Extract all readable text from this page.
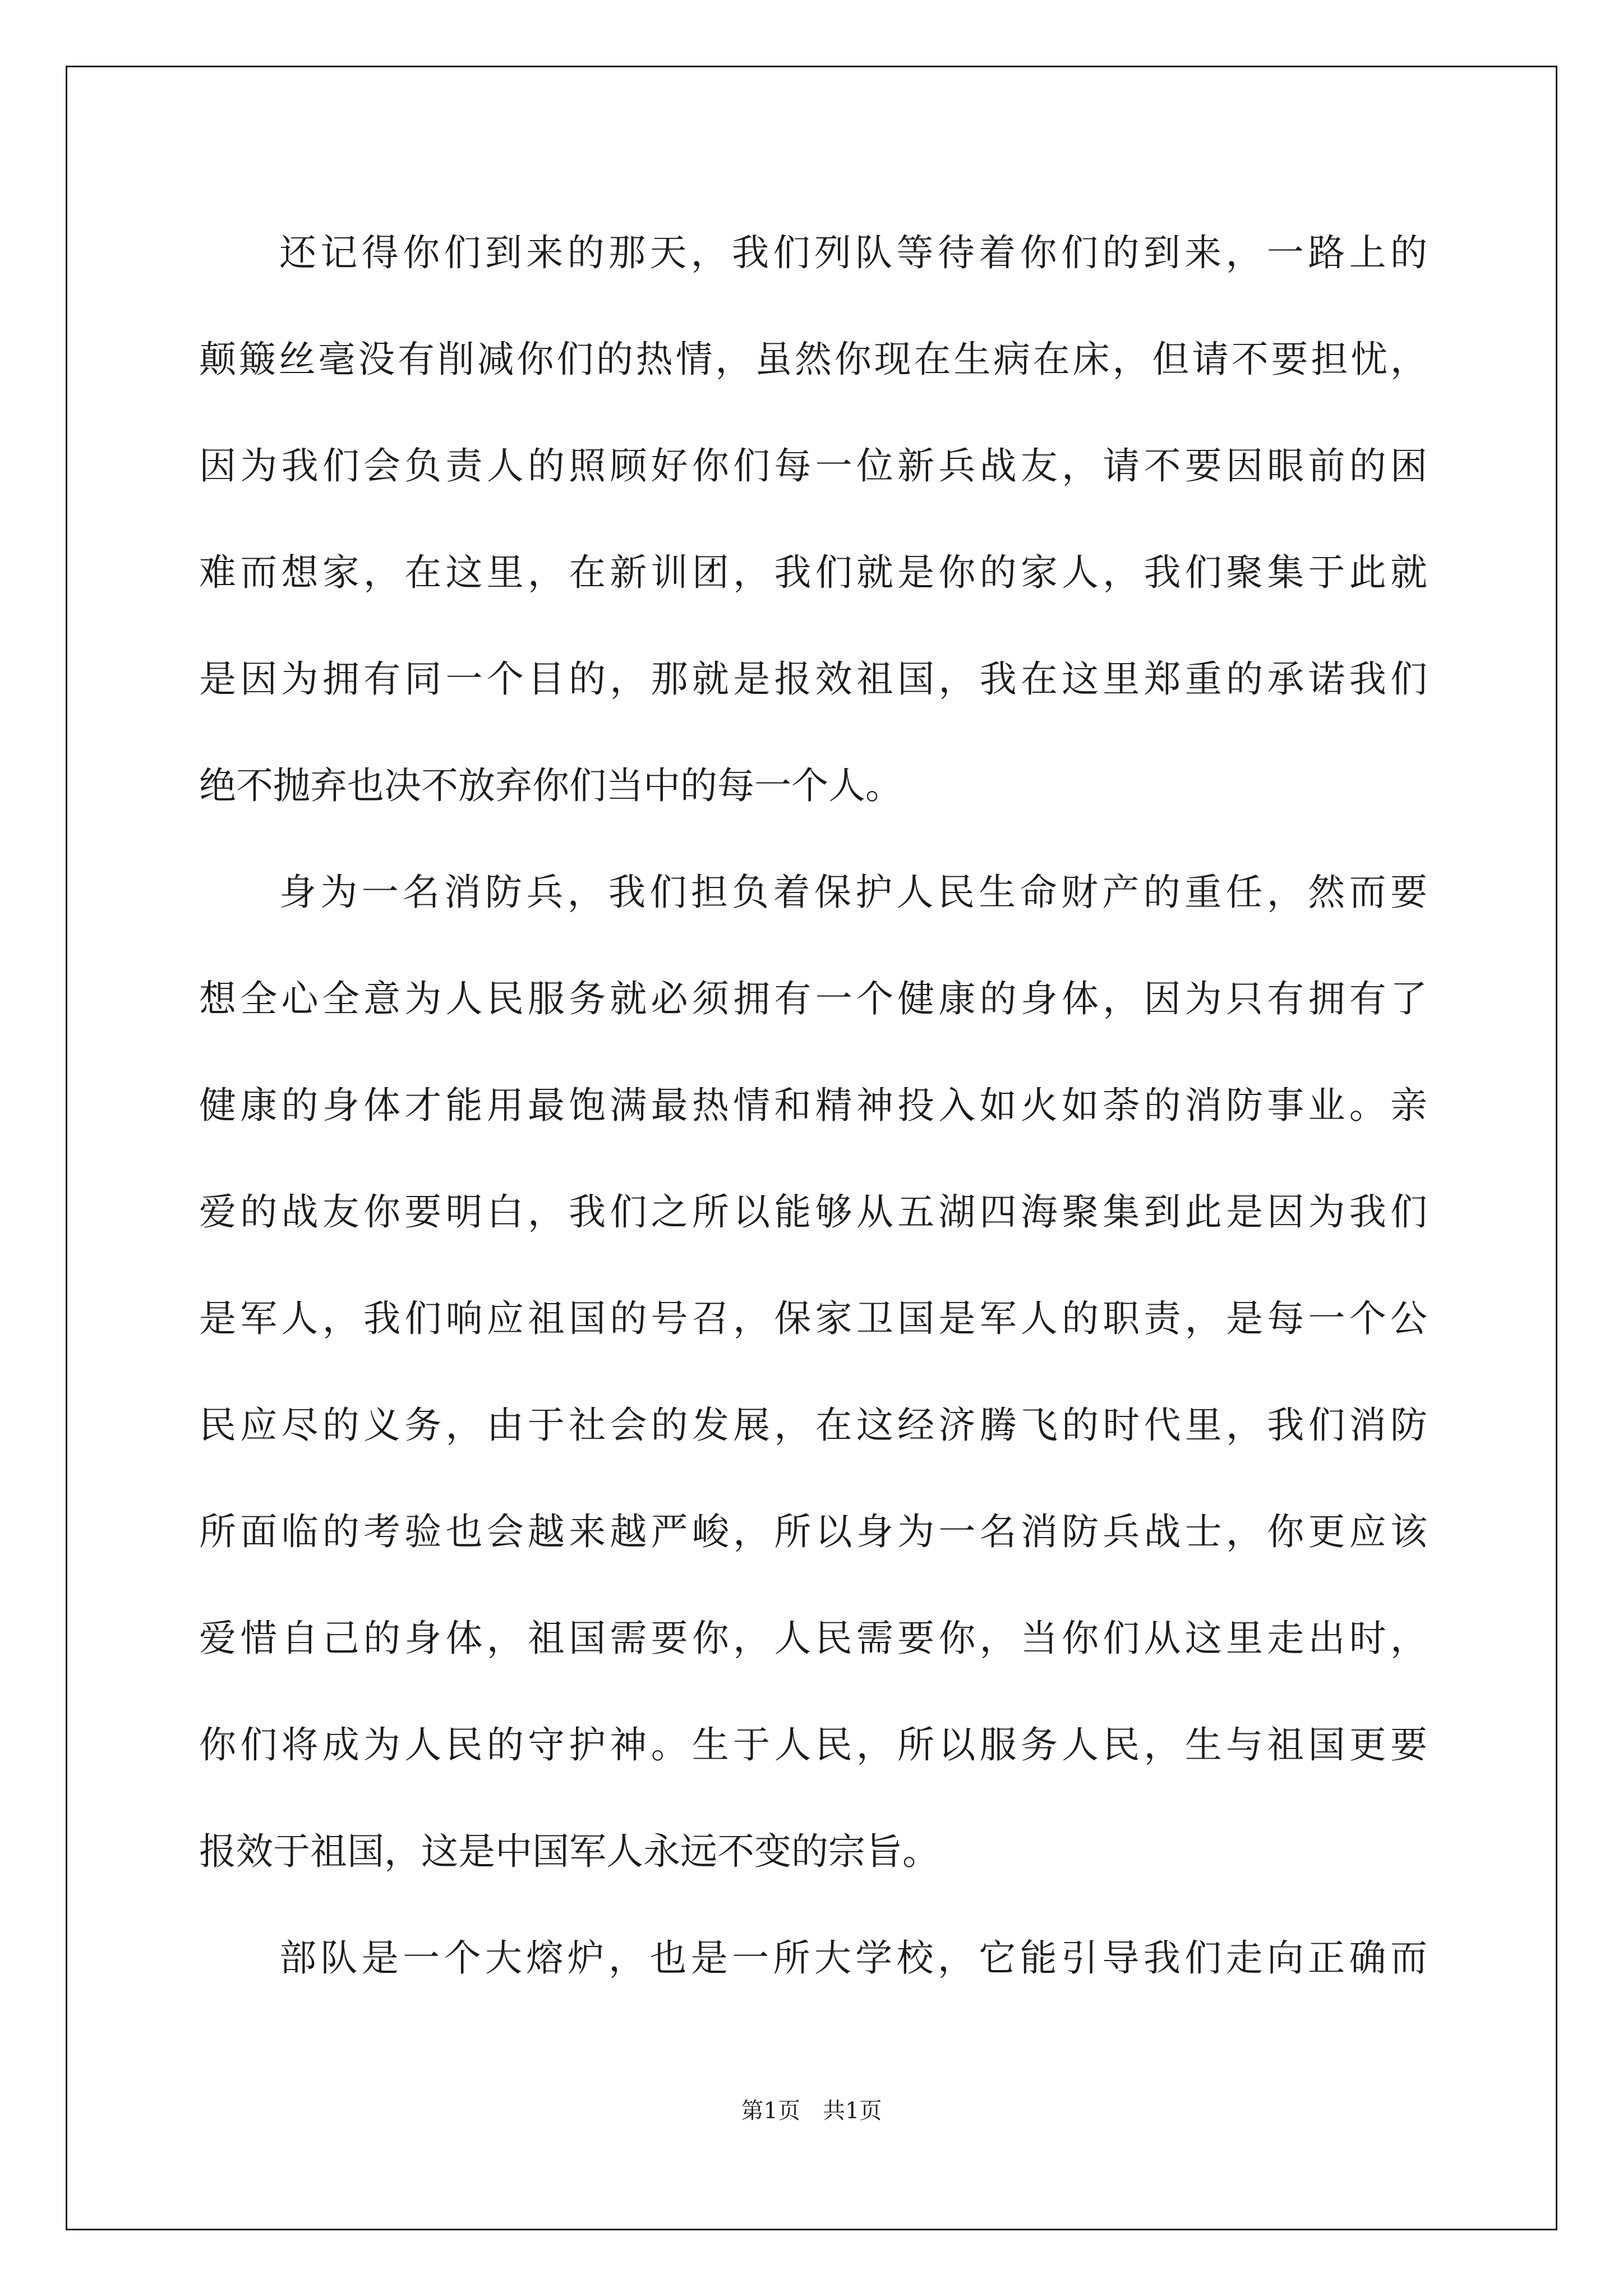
还记得你们到来的那天，我们列队等待着你们的到来，一路上的
颠簸丝毫没有削减你们的热情，虽然你现在生病在床，但请不要担忧，
因为我们会负责人的照顾好你们每一位新兵战友，请不要因眼前的困
难而想家，在这里，在新训团，我们就是你的家人，我们聚集于此就
是因为拥有同一个目的，那就是报效祖国，我在这里郑重的承诺我们
绝不抛弃也决不放弃你们当中的每一个人。
身为一名消防兵，我们担负着保护人民生命财产的重任，然而要
想全心全意为人民服务就必须拥有一个健康的身体，因为只有拥有了
健康的身体才能用最饱满最热情和精神投入如火如荼的消防事业。亲
爱的战友你要明白，我们之所以能够从五湖四海聚集到此是因为我们
是军人，我们响应祖国的号召，保家卫国是军人的职责，是每一个公
民应尽的义务，由于社会的发展，在这经济腾飞的时代里，我们消防
所面临的考验也会越来越严峻，所以身为一名消防兵战士，你更应该
爱惜自己的身体，祖国需要你，人民需要你，当你们从这里走出时，
你们将成为人民的守护神。生于人民，所以服务人民，生与祖国更要
报效于祖国，这是中国军人永远不变的宗旨。
部队是一个大熔炉，也是一所大学校，它能引导我们走向正确而
第1页　共1页
